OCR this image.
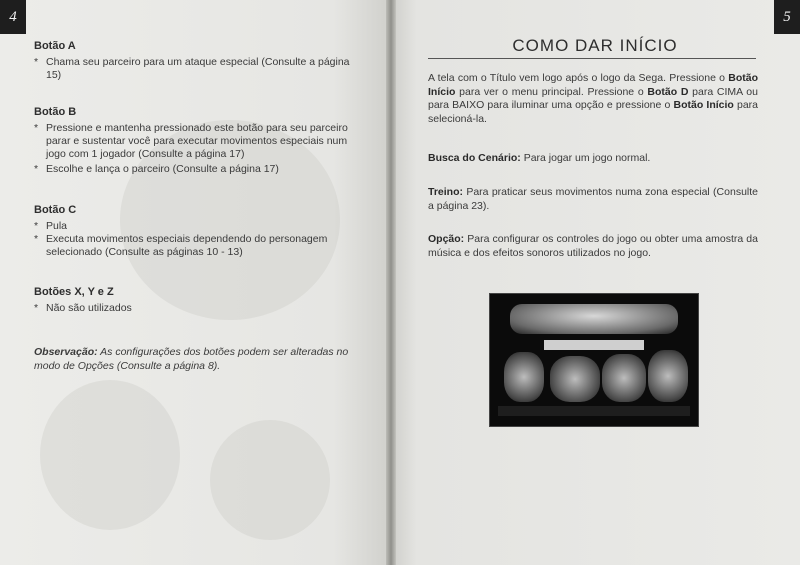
4	5

Botão A

* Chama seu parceiro para um ataque especial (Consulte a página 15)

Botão B

* Pressione e mantenha pressionado este botão para seu parceiro parar e sustentar você para executar movimentos especiais num jogo com 1 jogador (Consulte a página 17)

* Escolhe e lança o parceiro (Consulte a página 17)

Botão C

* Pula

* Executa movimentos especiais dependendo do personagem selecionado (Consulte as páginas 10 - 13)

Botões X, Y e Z

* Não são utilizados

Observação: As configurações dos botões podem ser alteradas no modo de Opções (Consulte a página 8).

COMO DAR INÍCIO

A tela com o Título vem logo após o logo da Sega. Pressione o Botão Início para ver o menu principal. Pressione o Botão D para CIMA ou para BAIXO para iluminar uma opção e pressione o Botão Início para selecioná-la.

Busca do Cenário: Para jogar um jogo normal.

Treino: Para praticar seus movimentos numa zona especial (Consulte a página 23).

Opção: Para configurar os controles do jogo ou obter uma amostra da música e dos efeitos sonoros utilizados no jogo.
